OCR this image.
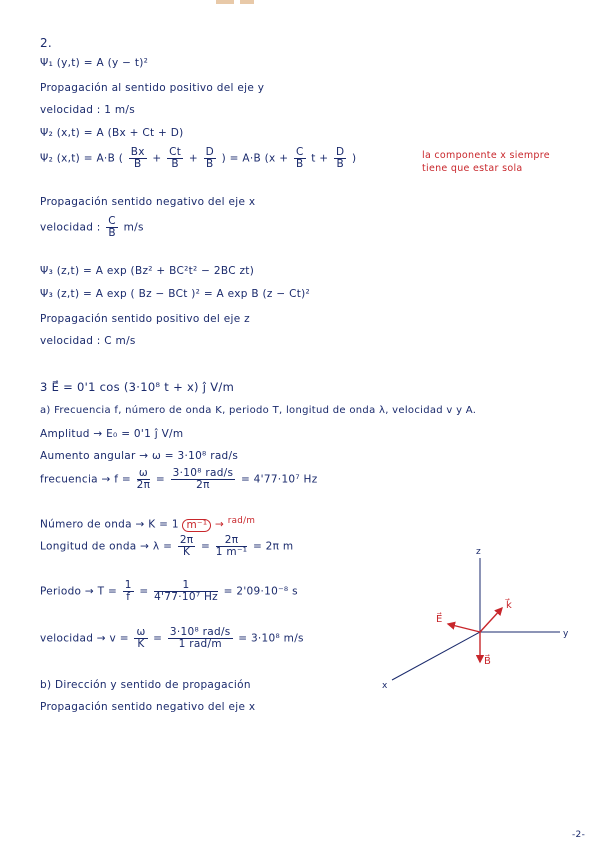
2.
Ψ₁ (y,t) = A (y − t)²
Propagación al sentido positivo del eje y
velocidad : 1 m/s
Ψ₂ (x,t) = A (Bx + Ct + D)
Ψ₂ (x,t) = A·B ( $\frac{Bx}{B} + \frac{Ct}{B} + \frac{D}{B}$ ) = A·B ($x + \frac{C}{B}$ $t + \frac{D}{B}$ )	la componente x siempre
tiene que estar sola
Propagación sentido negativo del eje x
velocidad : $\frac{C}{B} m/s$
Ψ₃ (z,t) = A exp (Bz² + BC²t² − 2BC zt)
Ψ₃ (z,t) = A exp ( Bz − BCt )² = A exp B (z − Ct)²
Propagación sentido positivo del eje z
velocidad : C m/s
3 E⃗ = 0'1 cos (3·10⁸ t + x) ĵ V/m
a) Frecuencia f, número de onda K, periodo T, longitud de onda λ, velocidad v y A.
Amplitud → E₀ = 0'1 ĵ V/m
Aumento angular → ω = 3·10⁸ rad/s
frecuencia → $f = \frac{\omega}{2\pi} = \frac{\text{3·10⁸ rad/s}}{2\pi} = 4'77\cdot 10^7$ Hz
Número de onda → K = 1 m⁻¹ → $^{rad/m}$
Longitud de onda → $\lambda = \frac{2\pi}{K} = \frac{2\pi}{\text{1 m⁻¹}} = 2\pi$ m
Periodo → $T = \frac{1}{f} = \frac{1}{\text{4'77·10⁷ Hz}} = 2'09\cdot 10^{-8}$ s
velocidad → $v = \frac{\omega}{K} = \frac{\text{3·10⁸ rad/s}}{\text{1 rad/m}} = 3\cdot 10^8$ m/s
b) Dirección y sentido de propagación
Propagación sentido negativo del eje x
z
y
x
E⃗
k⃗
B⃗
-2-
